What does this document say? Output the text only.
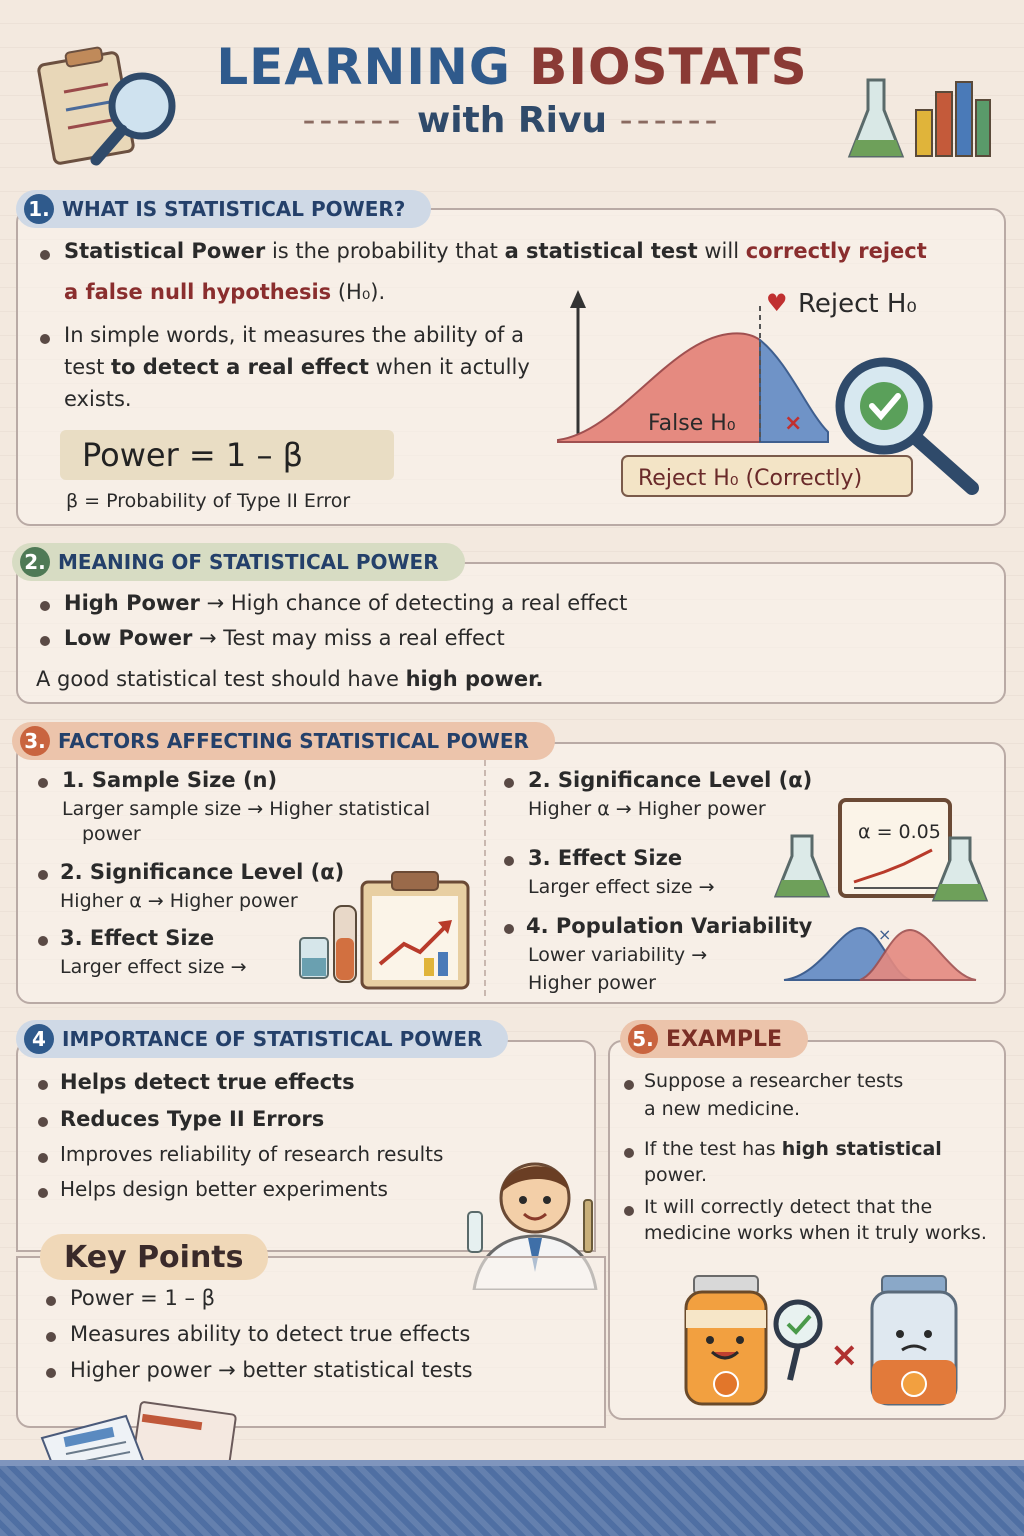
LEARNING BIOSTATS
------ with Rivu ------
1. WHAT IS STATISTICAL POWER?
Statistical Power is the probability that a statistical test will correctly reject
a false null hypothesis (H₀).
In simple words, it measures the ability of a
test to detect a real effect when it actully
exists.
Power = 1 – β
β = Probability of Type II Error
False H₀ ×
♥ Reject H₀
Reject H₀ (Correctly)
2. MEANING OF STATISTICAL POWER
High Power → High chance of detecting a real effect
Low Power → Test may miss a real effect
A good statistical test should have high power.
3. FACTORS AFFECTING STATISTICAL POWER
1. Sample Size (n)
Larger sample size → Higher statistical
power
2. Significance Level (α)
Higher α → Higher power
3. Effect Size
Larger effect size →
2. Significance Level (α)
Higher α → Higher power
3. Effect Size
Larger effect size →
4. Population Variability
Lower variability →
Higher power
α = 0.05
×
4 IMPORTANCE OF STATISTICAL POWER
Helps detect true effects
Reduces Type II Errors
Improves reliability of research results
Helps design better experiments
Key Points
Power = 1 – β
Measures ability to detect true effects
Higher power → better statistical tests
5. EXAMPLE
Suppose a researcher tests
a new medicine.
If the test has high statistical
power.
It will correctly detect that the
medicine works when it truly works.
×
